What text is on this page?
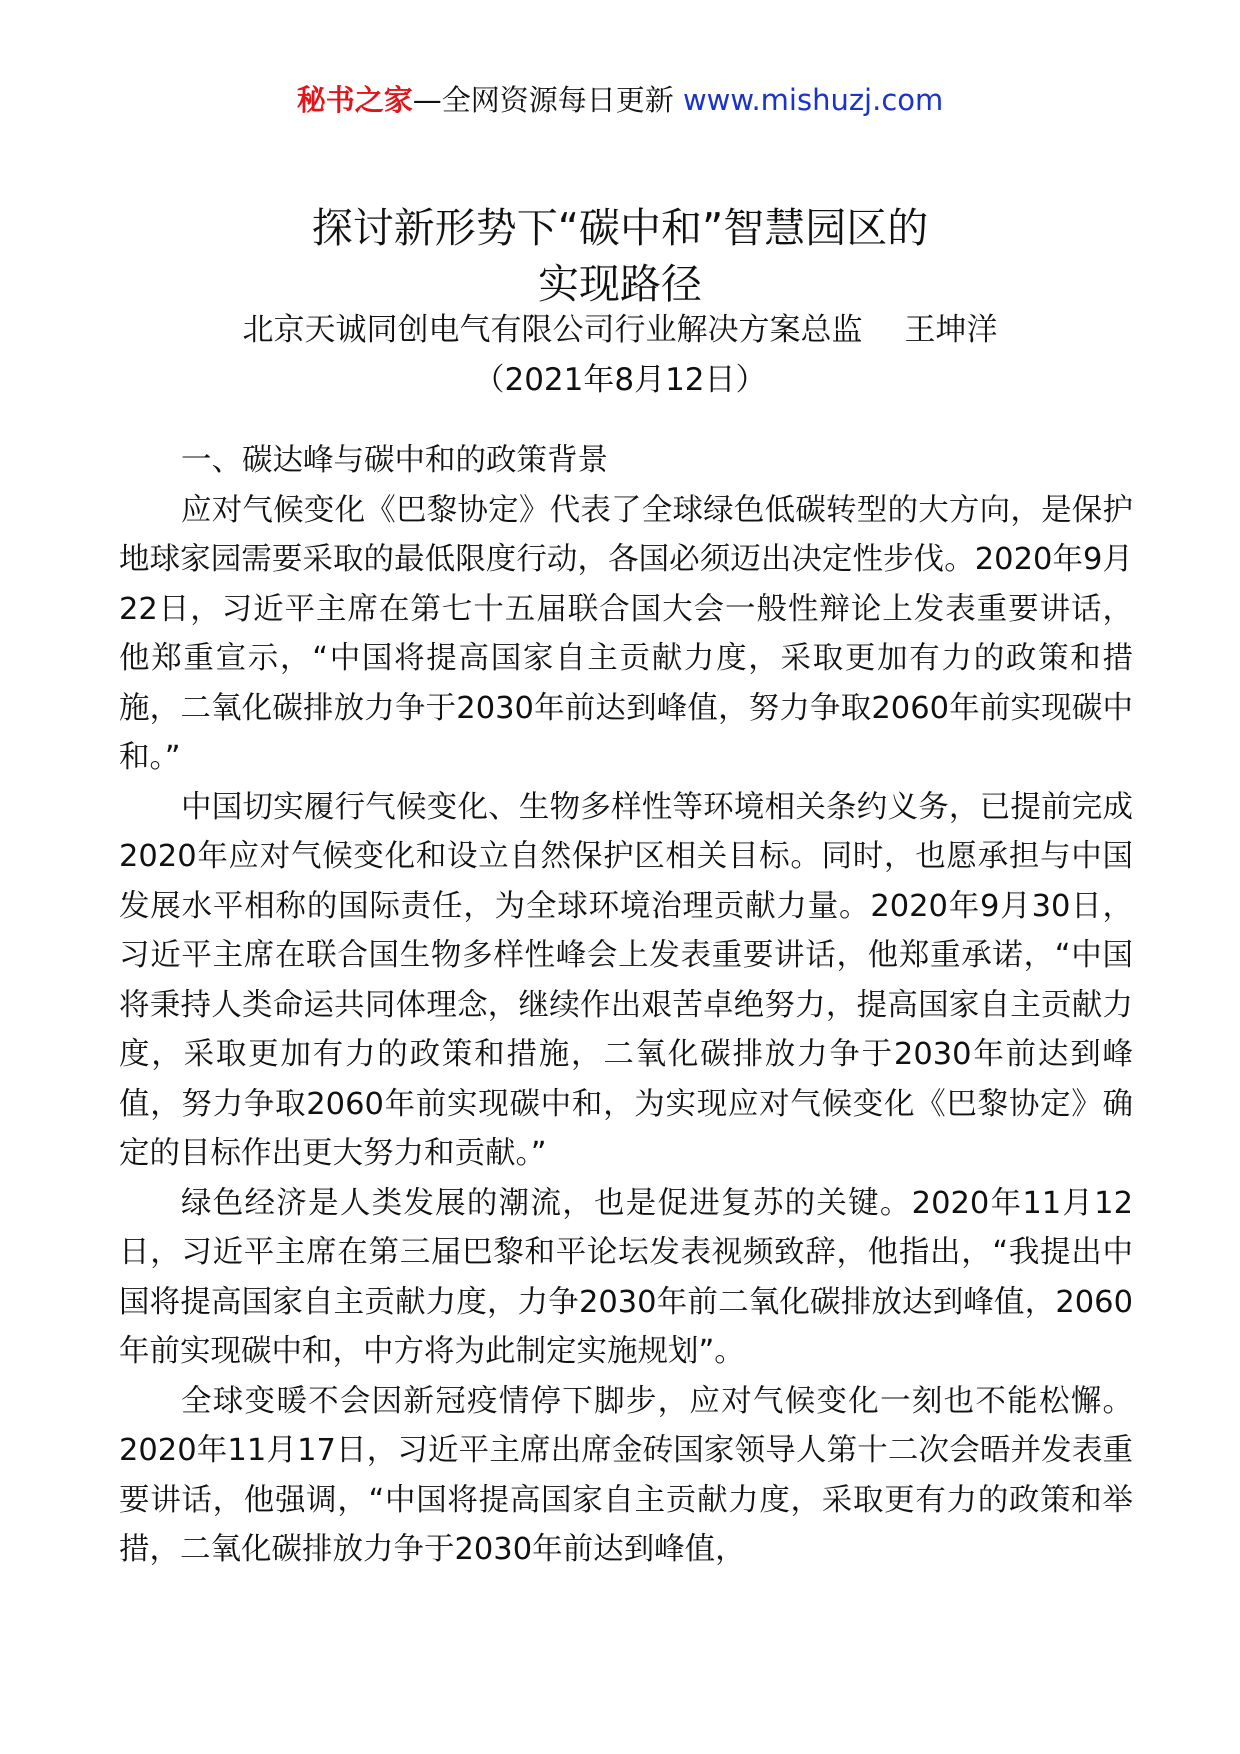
秘书之家—全网资源每日更新 www.mishuzj.com
探讨新形势下“碳中和”智慧园区的
实现路径
北京天诚同创电气有限公司行业解决方案总监 王坤洋
（2021年8月12日）

一、碳达峰与碳中和的政策背景

应对气候变化《巴黎协定》代表了全球绿色低碳转型的大方向，是保护地球家园需要采取的最低限度行动，各国必须迈出决定性步伐。2020年9月22日，习近平主席在第七十五届联合国大会一般性辩论上发表重要讲话，他郑重宣示，“中国将提高国家自主贡献力度，采取更加有力的政策和措施，二氧化碳排放力争于2030年前达到峰值，努力争取2060年前实现碳中和。”

中国切实履行气候变化、生物多样性等环境相关条约义务，已提前完成2020年应对气候变化和设立自然保护区相关目标。同时，也愿承担与中国发展水平相称的国际责任，为全球环境治理贡献力量。2020年9月30日，习近平主席在联合国生物多样性峰会上发表重要讲话，他郑重承诺，“中国将秉持人类命运共同体理念，继续作出艰苦卓绝努力，提高国家自主贡献力度，采取更加有力的政策和措施，二氧化碳排放力争于2030年前达到峰值，努力争取2060年前实现碳中和，为实现应对气候变化《巴黎协定》确定的目标作出更大努力和贡献。”

绿色经济是人类发展的潮流，也是促进复苏的关键。2020年11月12日，习近平主席在第三届巴黎和平论坛发表视频致辞，他指出，“我提出中国将提高国家自主贡献力度，力争2030年前二氧化碳排放达到峰值，2060年前实现碳中和，中方将为此制定实施规划”。

全球变暖不会因新冠疫情停下脚步，应对气候变化一刻也不能松懈。2020年11月17日，习近平主席出席金砖国家领导人第十二次会晤并发表重要讲话，他强调，“中国将提高国家自主贡献力度，采取更有力的政策和举措，二氧化碳排放力争于2030年前达到峰值，
